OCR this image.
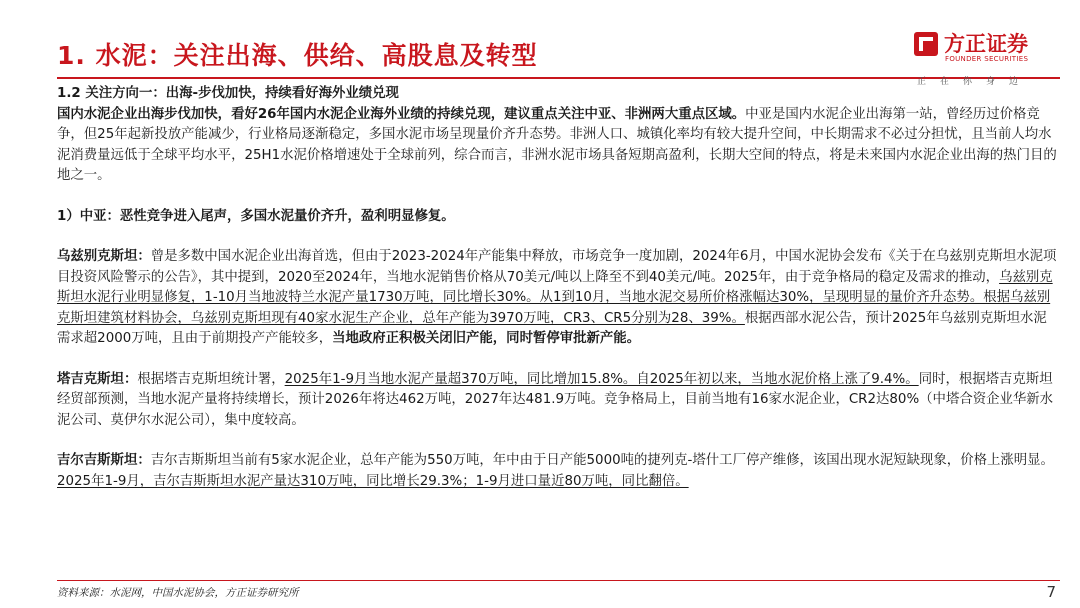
1. 水泥：关注出海、供给、高股息及转型	方正证券
FOUNDER SECURITIES
正在你身边

1.2 关注方向一：出海-步伐加快，持续看好海外业绩兑现

国内水泥企业出海步伐加快，看好26年国内水泥企业海外业绩的持续兑现，建议重点关注中亚、非洲两大重点区域。中亚是国内水泥企业出海第一站，曾经历过价格竞争，但25年起新投放产能减少，行业格局逐渐稳定，多国水泥市场呈现量价齐升态势。非洲人口、城镇化率均有较大提升空间，中长期需求不必过分担忧，且当前人均水泥消费量远低于全球平均水平，25H1水泥价格增速处于全球前列，综合而言，非洲水泥市场具备短期高盈利，长期大空间的特点，将是未来国内水泥企业出海的热门目的地之一。

1）中亚：恶性竞争进入尾声，多国水泥量价齐升，盈利明显修复。

乌兹别克斯坦：曾是多数中国水泥企业出海首选，但由于2023-2024年产能集中释放，市场竞争一度加剧，2024年6月，中国水泥协会发布《关于在乌兹别克斯坦水泥项目投资风险警示的公告》，其中提到，2020至2024年，当地水泥销售价格从70美元/吨以上降至不到40美元/吨。2025年，由于竞争格局的稳定及需求的推动，乌兹别克斯坦水泥行业明显修复，1-10月当地波特兰水泥产量1730万吨，同比增长30%。从1到10月，当地水泥交易所价格涨幅达30%，呈现明显的量价齐升态势。根据乌兹别克斯坦建筑材料协会，乌兹别克斯坦现有40家水泥生产企业，总年产能为3970万吨，CR3、CR5分别为28、39%。根据西部水泥公告，预计2025年乌兹别克斯坦水泥需求超2000万吨，且由于前期投产产能较多，当地政府正积极关闭旧产能，同时暂停审批新产能。

塔吉克斯坦：根据塔吉克斯坦统计署，2025年1-9月当地水泥产量超370万吨，同比增加15.8%。自2025年初以来，当地水泥价格上涨了9.4%。同时，根据塔吉克斯坦经贸部预测，当地水泥产量将持续增长，预计2026年将达462万吨，2027年达481.9万吨。竞争格局上，目前当地有16家水泥企业，CR2达80%（中塔合资企业华新水泥公司、莫伊尔水泥公司），集中度较高。

吉尔吉斯斯坦：吉尔吉斯斯坦当前有5家水泥企业，总年产能为550万吨，年中由于日产能5000吨的捷列克-塔什工厂停产维修，该国出现水泥短缺现象，价格上涨明显。2025年1-9月，吉尔吉斯斯坦水泥产量达310万吨，同比增长29.3%；1-9月进口量近80万吨，同比翻倍。

资料来源：水泥网，中国水泥协会，方正证券研究所	7
